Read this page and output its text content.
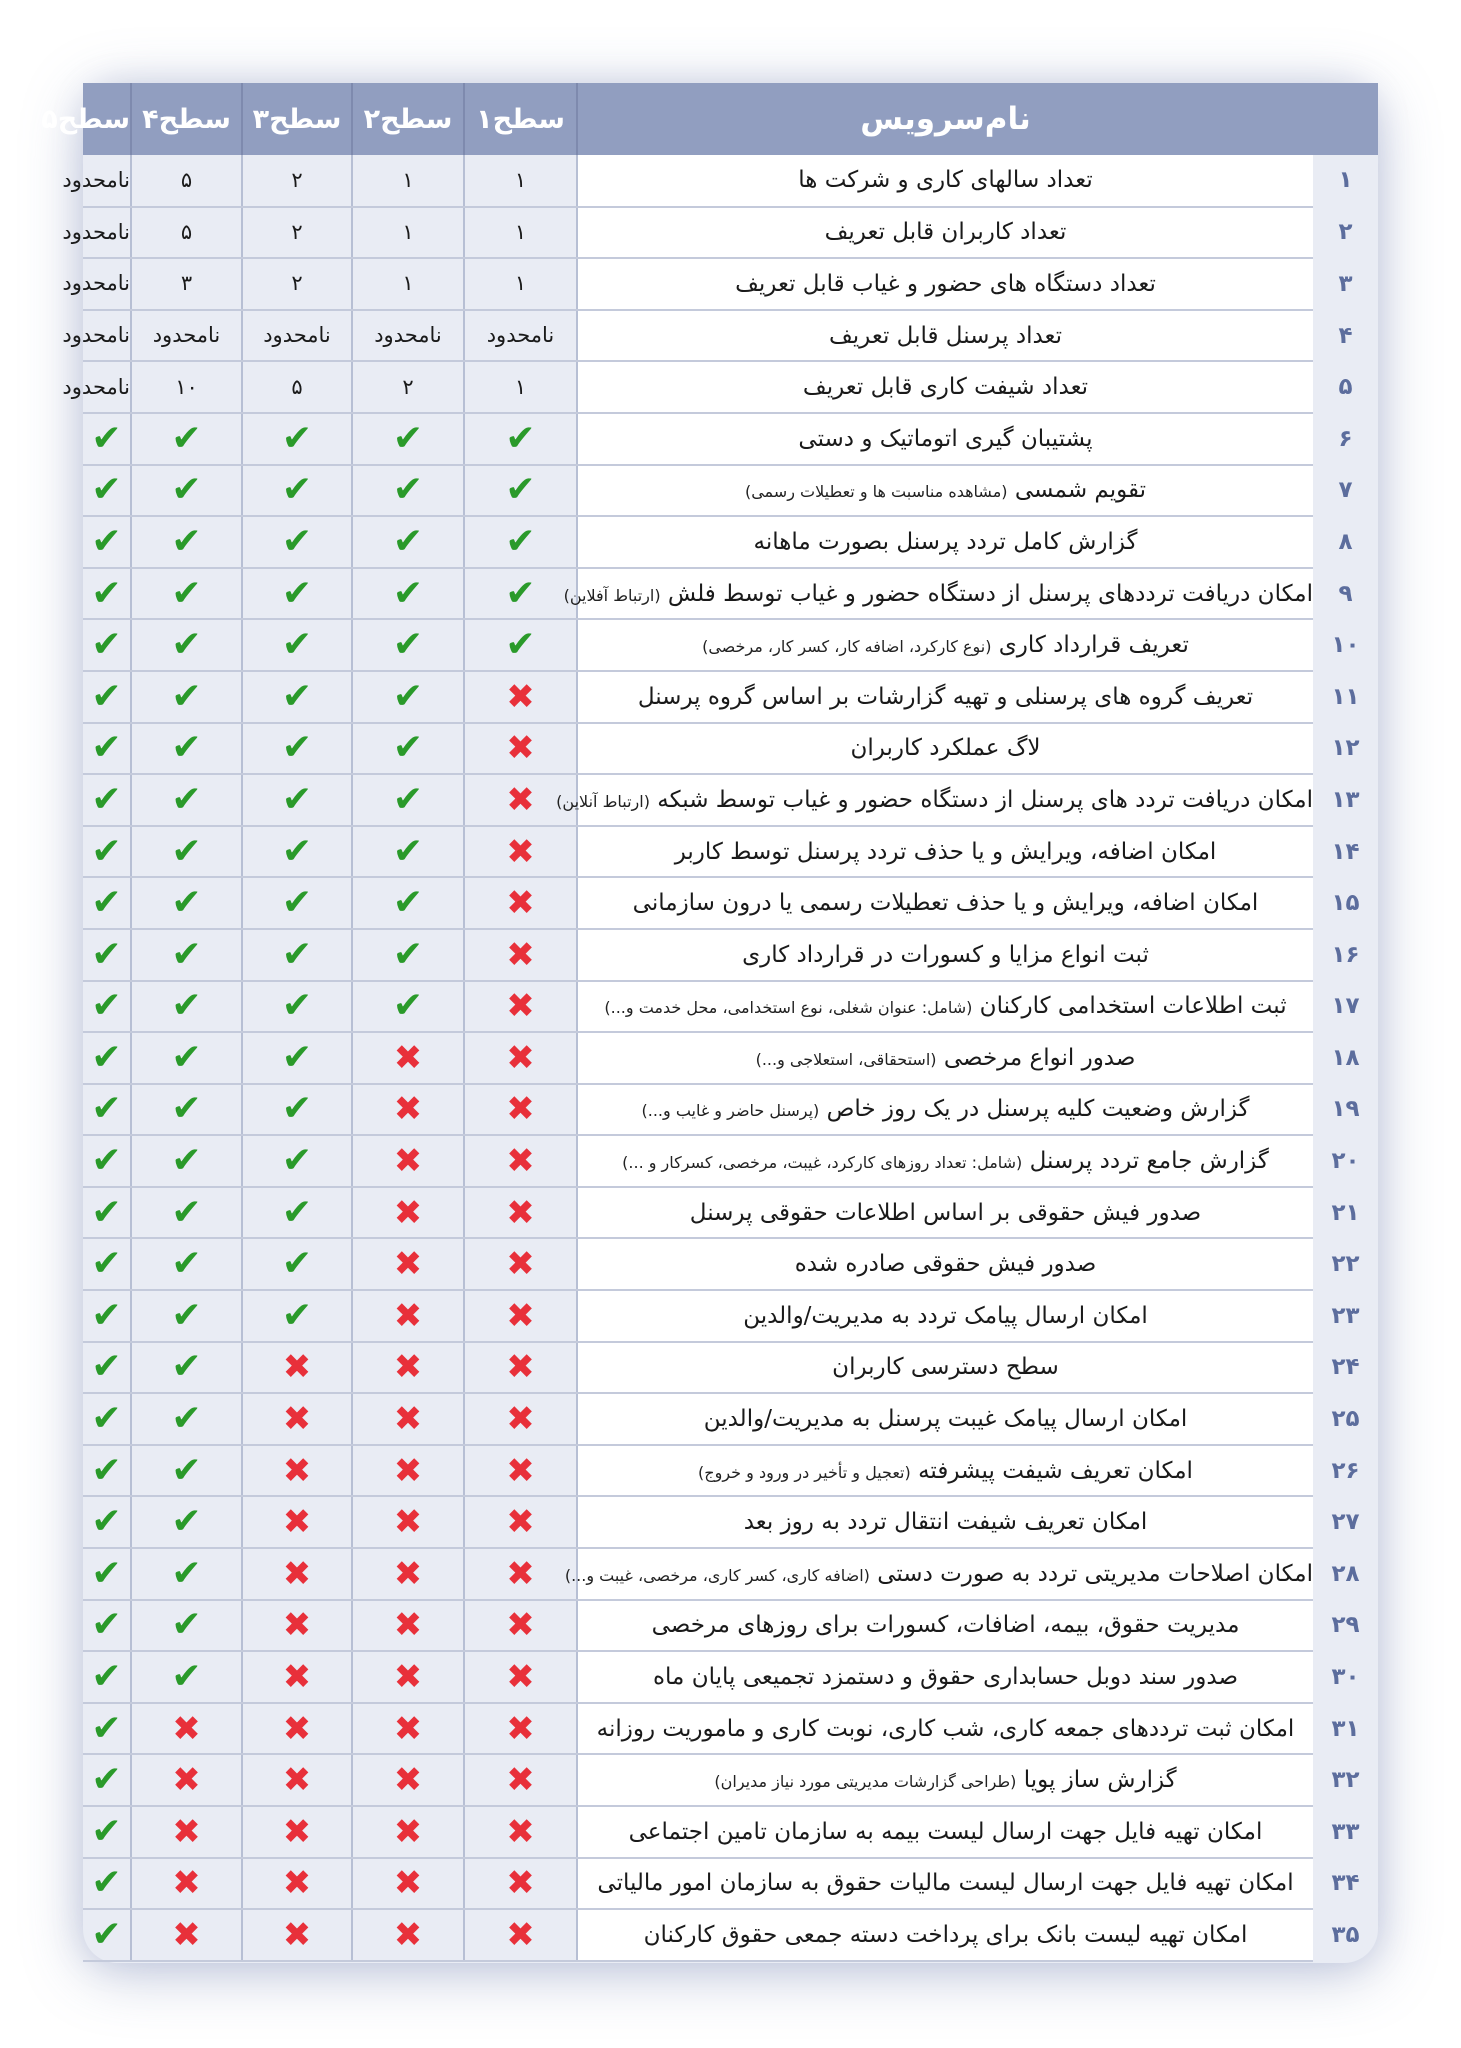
	نام‌سرویس	سطح۱	سطح۲	سطح۳	سطح۴	سطح۵
۱	تعداد سالهای کاری و شرکت ها	۱	۱	۲	۵	نامحدود
۲	تعداد کاربران قابل تعریف	۱	۱	۲	۵	نامحدود
۳	تعداد دستگاه های حضور و غیاب قابل تعریف	۱	۱	۲	۳	نامحدود
۴	تعداد پرسنل قابل تعریف	نامحدود	نامحدود	نامحدود	نامحدود	نامحدود
۵	تعداد شیفت کاری قابل تعریف	۱	۲	۵	۱۰	نامحدود
۶	پشتیبان گیری اتوماتیک و دستی	✔	✔	✔	✔	✔
۷	تقویم شمسی (مشاهده مناسبت ها و تعطیلات رسمی)	✔	✔	✔	✔	✔
۸	گزارش کامل تردد پرسنل بصورت ماهانه	✔	✔	✔	✔	✔
۹	امکان دریافت ترددهای پرسنل از دستگاه حضور و غیاب توسط فلش (ارتباط آفلاین)	✔	✔	✔	✔	✔
۱۰	تعریف قرارداد کاری (نوع کارکرد، اضافه کار، کسر کار، مرخصی)	✔	✔	✔	✔	✔
۱۱	تعریف گروه های پرسنلی و تهیه گزارشات بر اساس گروه پرسنل	✖	✔	✔	✔	✔
۱۲	لاگ عملکرد کاربران	✖	✔	✔	✔	✔
۱۳	امکان دریافت تردد های پرسنل از دستگاه حضور و غیاب توسط شبکه (ارتباط آنلاین)	✖	✔	✔	✔	✔
۱۴	امکان اضافه، ویرایش و یا حذف تردد پرسنل توسط کاربر	✖	✔	✔	✔	✔
۱۵	امکان اضافه، ویرایش و یا حذف تعطیلات رسمی یا درون سازمانی	✖	✔	✔	✔	✔
۱۶	ثبت انواع مزایا و کسورات در قرارداد کاری	✖	✔	✔	✔	✔
۱۷	ثبت اطلاعات استخدامی کارکنان (شامل: عنوان شغلی، نوع استخدامی، محل خدمت و...)	✖	✔	✔	✔	✔
۱۸	صدور انواع مرخصی (استحقاقی، استعلاجی و...)	✖	✖	✔	✔	✔
۱۹	گزارش وضعیت کلیه پرسنل در یک روز خاص (پرسنل حاضر و غایب و...)	✖	✖	✔	✔	✔
۲۰	گزارش جامع تردد پرسنل (شامل: تعداد روزهای کارکرد، غیبت، مرخصی، کسرکار و ...)	✖	✖	✔	✔	✔
۲۱	صدور فیش حقوقی بر اساس اطلاعات حقوقی پرسنل	✖	✖	✔	✔	✔
۲۲	صدور فیش حقوقی صادره شده	✖	✖	✔	✔	✔
۲۳	امکان ارسال پیامک تردد به مدیریت/والدین	✖	✖	✔	✔	✔
۲۴	سطح دسترسی کاربران	✖	✖	✖	✔	✔
۲۵	امکان ارسال پیامک غیبت پرسنل به مدیریت/والدین	✖	✖	✖	✔	✔
۲۶	امکان تعریف شیفت پیشرفته (تعجیل و تأخیر در ورود و خروج)	✖	✖	✖	✔	✔
۲۷	امکان تعریف شیفت انتقال تردد به روز بعد	✖	✖	✖	✔	✔
۲۸	امکان اصلاحات مدیریتی تردد به صورت دستی (اضافه کاری، کسر کاری، مرخصی، غیبت و...)	✖	✖	✖	✔	✔
۲۹	مدیریت حقوق، بیمه، اضافات، کسورات برای روزهای مرخصی	✖	✖	✖	✔	✔
۳۰	صدور سند دوبل حسابداری حقوق و دستمزد تجمیعی پایان ماه	✖	✖	✖	✔	✔
۳۱	امکان ثبت ترددهای جمعه کاری، شب کاری، نوبت کاری و ماموریت روزانه	✖	✖	✖	✖	✔
۳۲	گزارش ساز پویا (طراحی گزارشات مدیریتی مورد نیاز مدیران)	✖	✖	✖	✖	✔
۳۳	امکان تهیه فایل جهت ارسال لیست بیمه به سازمان تامین اجتماعی	✖	✖	✖	✖	✔
۳۴	امکان تهیه فایل جهت ارسال لیست مالیات حقوق به سازمان امور مالیاتی	✖	✖	✖	✖	✔
۳۵	امکان تهیه لیست بانک برای پرداخت دسته جمعی حقوق کارکنان	✖	✖	✖	✖	✔
